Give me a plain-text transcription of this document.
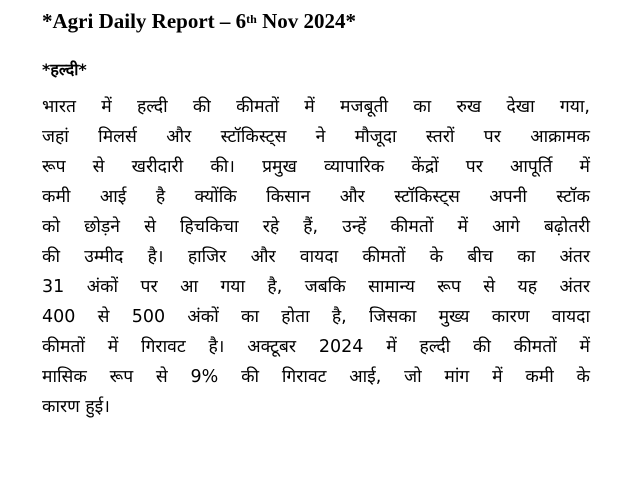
*Agri Daily Report – 6th Nov 2024*
*हल्दी*
भारत में हल्दी की कीमतों में मजबूती का रुख देखा गया,
जहां मिलर्स और स्टॉकिस्ट्स ने मौजूदा स्तरों पर आक्रामक
रूप से खरीदारी की। प्रमुख व्यापारिक केंद्रों पर आपूर्ति में
कमी आई है क्योंकि किसान और स्टॉकिस्ट्स अपनी स्टॉक
को छोड़ने से हिचकिचा रहे हैं, उन्हें कीमतों में आगे बढ़ोतरी
की उम्मीद है। हाजिर और वायदा कीमतों के बीच का अंतर
31 अंकों पर आ गया है, जबकि सामान्य रूप से यह अंतर
400 से 500 अंकों का होता है, जिसका मुख्य कारण वायदा
कीमतों में गिरावट है। अक्टूबर 2024 में हल्दी की कीमतों में
मासिक रूप से 9% की गिरावट आई, जो मांग में कमी के
कारण हुई।
